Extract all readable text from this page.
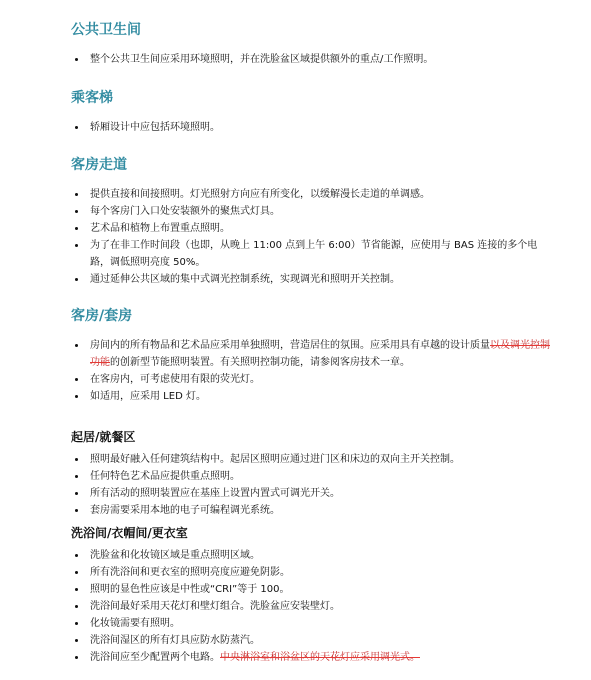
公共卫生间
整个公共卫生间应采用环境照明，并在洗脸盆区域提供额外的重点/工作照明。
乘客梯
轿厢设计中应包括环境照明。
客房走道
提供直接和间接照明。灯光照射方向应有所变化，以缓解漫长走道的单调感。
每个客房门入口处安装额外的聚焦式灯具。
艺术品和植物上布置重点照明。
为了在非工作时间段（也即，从晚上 11:00 点到上午 6:00）节省能源，应使用与 BAS 连接的多个电路，调低照明亮度 50%。
通过延伸公共区域的集中式调光控制系统，实现调光和照明开关控制。
客房/套房
房间内的所有物品和艺术品应采用单独照明，营造居住的氛围。应采用具有卓越的设计质量以及调光控制功能的创新型节能照明装置。有关照明控制功能，请参阅客房技术一章。
在客房内，可考虑使用有限的荧光灯。
如适用，应采用 LED 灯。
起居/就餐区
照明最好融入任何建筑结构中。起居区照明应通过进门区和床边的双向主开关控制。
任何特色艺术品应提供重点照明。
所有活动的照明装置应在基座上设置内置式可调光开关。
套房需要采用本地的电子可编程调光系统。
洗浴间/衣帽间/更衣室
洗脸盆和化妆镜区域是重点照明区域。
所有洗浴间和更衣室的照明亮度应避免阴影。
照明的显色性应该是中性或“CRI”等于 100。
洗浴间最好采用天花灯和壁灯组合。洗脸盆应安装壁灯。
化妆镜需要有照明。
洗浴间湿区的所有灯具应防水防蒸汽。
洗浴间应至少配置两个电路。中央淋浴室和浴盆区的天花灯应采用调光式。
